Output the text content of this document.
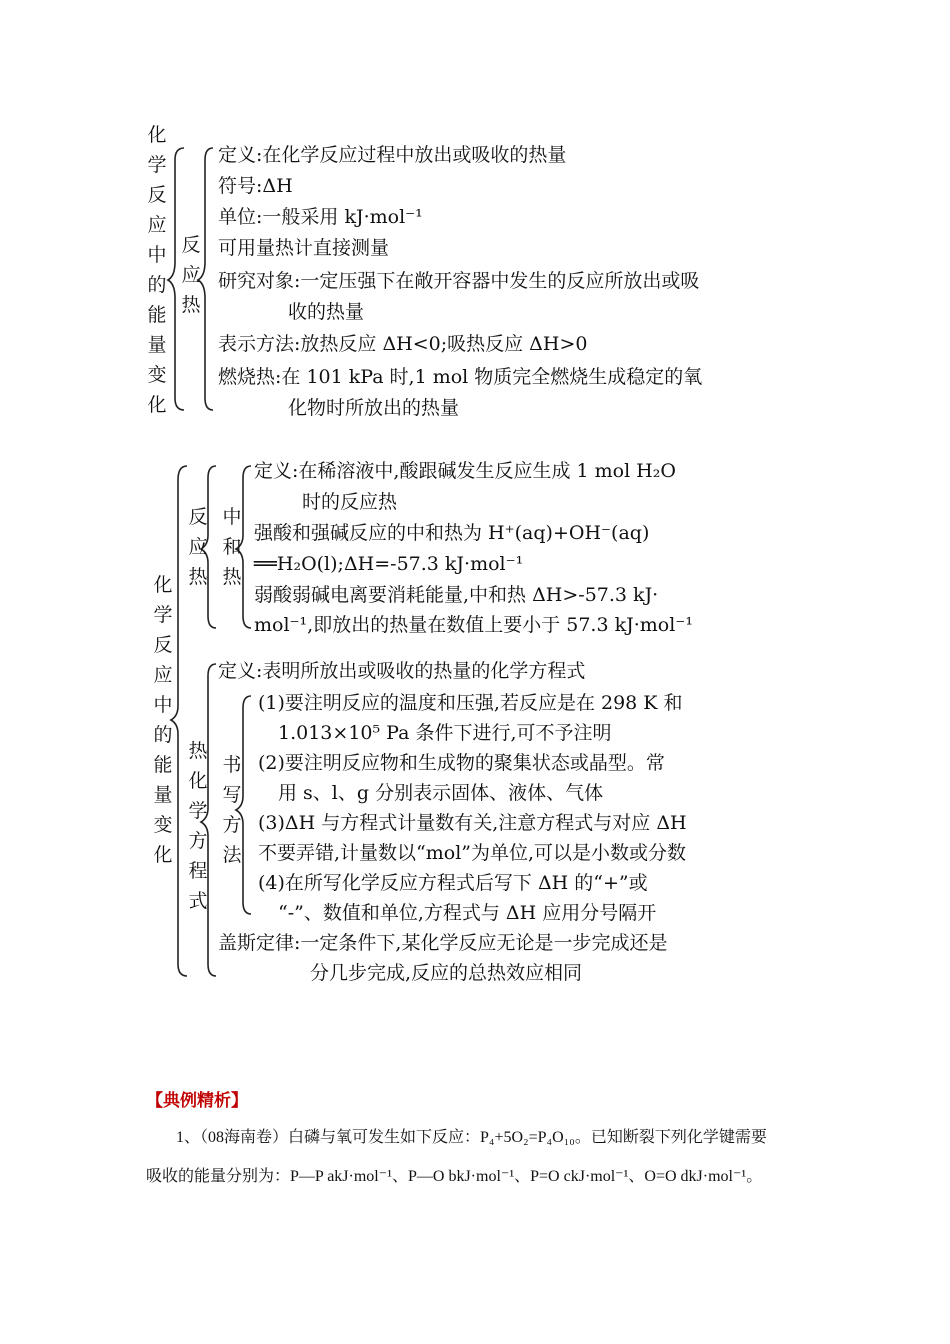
化学反应中的能量变化
反应热
定义:在化学反应过程中放出或吸收的热量
符号:ΔH
单位:一般采用 kJ·mol⁻¹
可用量热计直接测量
研究对象:一定压强下在敞开容器中发生的反应所放出或吸
收的热量
表示方法:放热反应 ΔH<0;吸热反应 ΔH>0
燃烧热:在 101 kPa 时,1 mol 物质完全燃烧生成稳定的氧
化物时所放出的热量
化学反应中的能量变化
反应热
中和热
定义:在稀溶液中,酸跟碱发生反应生成 1 mol H₂O
时的反应热
强酸和强碱反应的中和热为 H⁺(aq)+OH⁻(aq)
══H₂O(l);ΔH=-57.3 kJ·mol⁻¹
弱酸弱碱电离要消耗能量,中和热 ΔH>-57.3 kJ·
mol⁻¹,即放出的热量在数值上要小于 57.3 kJ·mol⁻¹
热化学方程式
书写方法
定义:表明所放出或吸收的热量的化学方程式
(1)要注明反应的温度和压强,若反应是在 298 K 和
1.013×10⁵ Pa 条件下进行,可不予注明
(2)要注明反应物和生成物的聚集状态或晶型。常
用 s、l、g 分别表示固体、液体、气体
(3)ΔH 与方程式计量数有关,注意方程式与对应 ΔH
不要弄错,计量数以“mol”为单位,可以是小数或分数
(4)在所写化学反应方程式后写下 ΔH 的“+”或
“-”、数值和单位,方程式与 ΔH 应用分号隔开
盖斯定律:一定条件下,某化学反应无论是一步完成还是
分几步完成,反应的总热效应相同
【典例精析】
1、（08海南卷）白磷与氧可发生如下反应：P₄+5O₂=P₄O₁₀。已知断裂下列化学键需要
吸收的能量分别为：P—P akJ·mol⁻¹、P—O bkJ·mol⁻¹、P=O ckJ·mol⁻¹、O=O dkJ·mol⁻¹。
